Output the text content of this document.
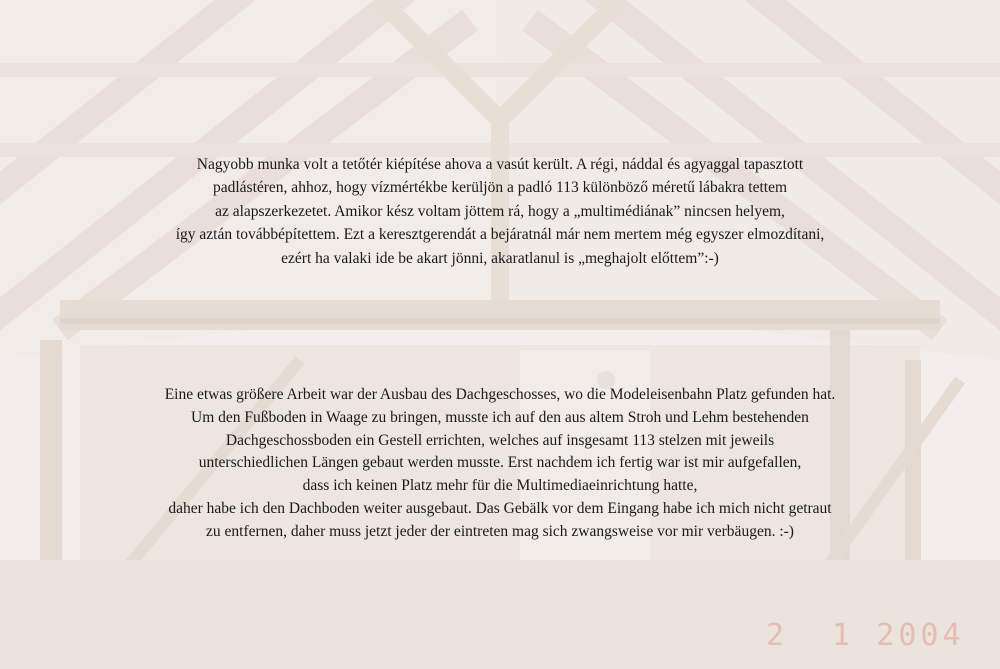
Nagyobb munka volt a tetőtér kiépítése ahova a vasút került. A régi, náddal és agyaggal tapasztott
padlástéren, ahhoz, hogy vízmértékbe kerüljön a padló 113 különböző méretű lábakra tettem
az alapszerkezetet. Amikor kész voltam jöttem rá, hogy a „multimédiának” nincsen helyem,
így aztán továbbépítettem. Ezt a keresztgerendát a bejáratnál már nem mertem még egyszer elmozdítani,
ezért ha valaki ide be akart jönni, akaratlanul is „meghajolt előttem”:-)
Eine etwas größere Arbeit war der Ausbau des Dachgeschosses, wo die Modeleisenbahn Platz gefunden hat.
Um den Fußboden in Waage zu bringen, musste ich auf den aus altem Stroh und Lehm bestehenden
Dachgeschossboden ein Gestell errichten, welches auf insgesamt 113 stelzen mit jeweils
unterschiedlichen Längen gebaut werden musste. Erst nachdem ich fertig war ist mir aufgefallen,
dass ich keinen Platz mehr für die Multimediaeinrichtung hatte,
daher habe ich den Dachboden weiter ausgebaut. Das Gebälk vor dem Eingang habe ich mich nicht getraut
zu entfernen, daher muss jetzt jeder der eintreten mag sich zwangsweise vor mir verbäugen. :-)
2  1 2004
